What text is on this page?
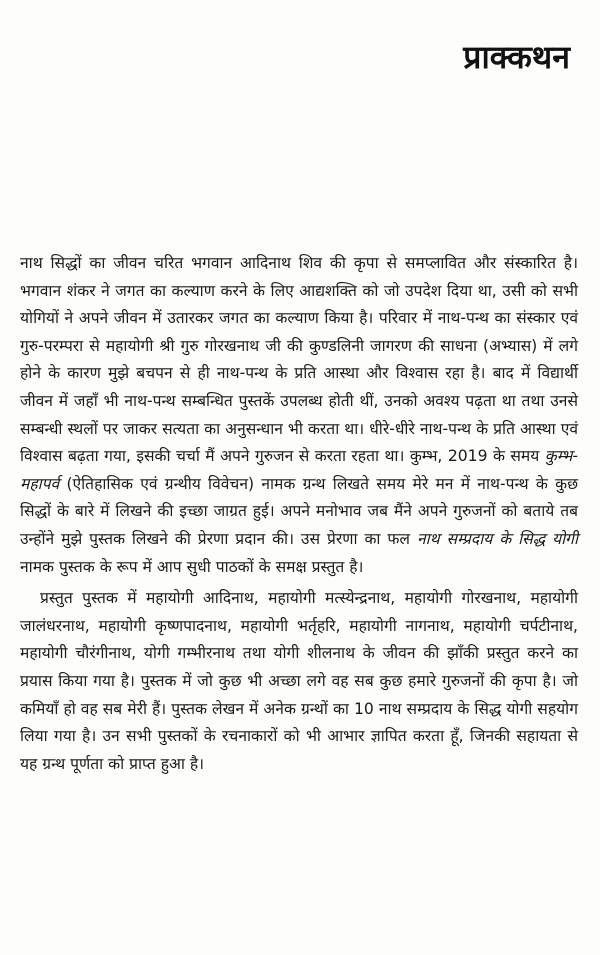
प्राक्कथन

नाथ सिद्धों का जीवन चरित भगवान आदिनाथ शिव की कृपा से समप्लावित और संस्कारित है। भगवान शंकर ने जगत का कल्याण करने के लिए आद्यशक्ति को जो उपदेश दिया था, उसी को सभी योगियों ने अपने जीवन में उतारकर जगत का कल्याण किया है। परिवार में नाथ-पन्थ का संस्कार एवं गुरु-परम्परा से महायोगी श्री गुरु गोरखनाथ जी की कुण्डलिनी जागरण की साधना (अभ्यास) में लगे होने के कारण मुझे बचपन से ही नाथ-पन्थ के प्रति आस्था और विश्वास रहा है। बाद में विद्यार्थी जीवन में जहाँ भी नाथ-पन्थ सम्बन्धित पुस्तकें उपलब्ध होती थीं, उनको अवश्य पढ़ता था तथा उनसे सम्बन्धी स्थलों पर जाकर सत्यता का अनुसन्धान भी करता था। धीरे-धीरे नाथ-पन्थ के प्रति आस्था एवं विश्वास बढ़ता गया, इसकी चर्चा मैं अपने गुरुजन से करता रहता था। कुम्भ, 2019 के समय कुम्भ-महापर्व (ऐतिहासिक एवं ग्रन्थीय विवेचन) नामक ग्रन्थ लिखते समय मेरे मन में नाथ-पन्थ के कुछ सिद्धों के बारे में लिखने की इच्छा जाग्रत हुई। अपने मनोभाव जब मैंने अपने गुरुजनों को बताये तब उन्होंने मुझे पुस्तक लिखने की प्रेरणा प्रदान की। उस प्रेरणा का फल नाथ सम्प्रदाय के सिद्ध योगी नामक पुस्तक के रूप में आप सुधी पाठकों के समक्ष प्रस्तुत है।

प्रस्तुत पुस्तक में महायोगी आदिनाथ, महायोगी मत्स्येन्द्रनाथ, महायोगी गोरखनाथ, महायोगी जालंधरनाथ, महायोगी कृष्णपादनाथ, महायोगी भर्तृहरि, महायोगी नागनाथ, महायोगी चर्पटीनाथ, महायोगी चौरंगीनाथ, योगी गम्भीरनाथ तथा योगी शीलनाथ के जीवन की झाँकी प्रस्तुत करने का प्रयास किया गया है। पुस्तक में जो कुछ भी अच्छा लगे वह सब कुछ हमारे गुरुजनों की कृपा है। जो कमियाँ हो वह सब मेरी हैं। पुस्तक लेखन में अनेक ग्रन्थों का 10 नाथ सम्प्रदाय के सिद्ध योगी सहयोग लिया गया है। उन सभी पुस्तकों के रचनाकारों को भी आभार ज्ञापित करता हूँ, जिनकी सहायता से यह ग्रन्थ पूर्णता को प्राप्त हुआ है।
